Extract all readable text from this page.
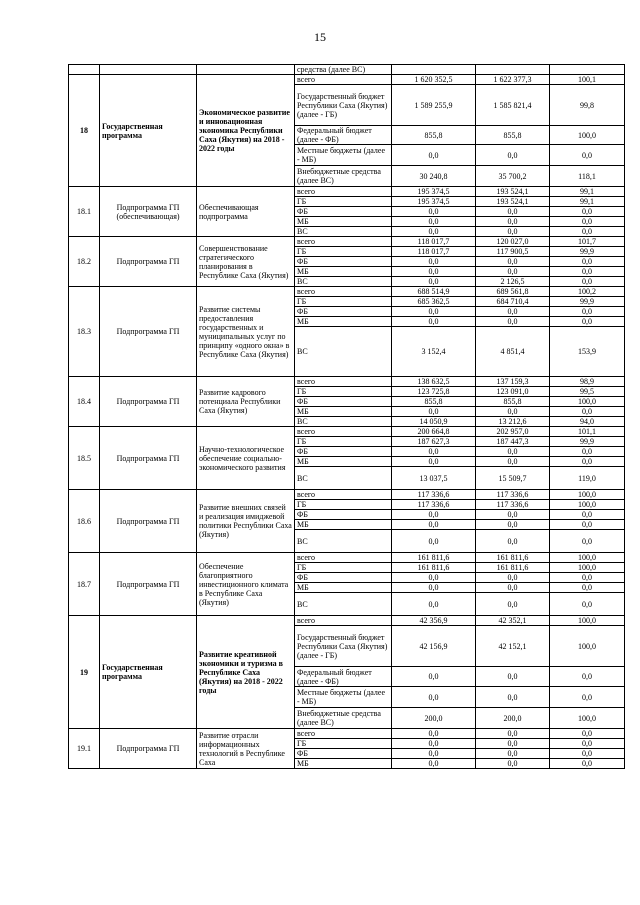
15
			средства (далее ВС)			
18	Государственная программа	Экономическое развитие и инновационная экономика Республики Саха (Якутия) на 2018 - 2022 годы	всего	1 620 352,5	1 622 377,3	100,1
			Государственный бюджет Республики Саха (Якутия) (далее - ГБ)	1 589 255,9	1 585 821,4	99,8
			Федеральный бюджет (далее - ФБ)	855,8	855,8	100,0
			Местные бюджеты (далее - МБ)	0,0	0,0	0,0
			Внебюджетные средства (далее ВС)	30 240,8	35 700,2	118,1
18.1	Подпрограмма ГП (обеспечивающая)	Обеспечивающая подпрограмма	всего	195 374,5	193 524,1	99,1
			ГБ	195 374,5	193 524,1	99,1
			ФБ	0,0	0,0	0,0
			МБ	0,0	0,0	0,0
			ВС	0,0	0,0	0,0
18.2	Подпрограмма ГП	Совершенствование стратегического планирования в Республике Саха (Якутия)	всего	118 017,7	120 027,0	101,7
			ГБ	118 017,7	117 900,5	99,9
			ФБ	0,0	0,0	0,0
			МБ	0,0	0,0	0,0
			ВС	0,0	2 126,5	0,0
18.3	Подпрограмма ГП	Развитие системы предоставления государственных и муниципальных услуг по принципу «одного окна» в Республике Саха (Якутия)	всего	688 514,9	689 561,8	100,2
			ГБ	685 362,5	684 710,4	99,9
			ФБ	0,0	0,0	0,0
			МБ	0,0	0,0	0,0
			ВС	3 152,4	4 851,4	153,9
18.4	Подпрограмма ГП	Развитие кадрового потенциала Республики Саха (Якутия)	всего	138 632,5	137 159,3	98,9
			ГБ	123 725,8	123 091,0	99,5
			ФБ	855,8	855,8	100,0
			МБ	0,0	0,0	0,0
			ВС	14 050,9	13 212,6	94,0
18.5	Подпрограмма ГП	Научно-технологическое обеспечение социально-экономического развития	всего	200 664,8	202 957,0	101,1
			ГБ	187 627,3	187 447,3	99,9
			ФБ	0,0	0,0	0,0
			МБ	0,0	0,0	0,0
			ВС	13 037,5	15 509,7	119,0
18.6	Подпрограмма ГП	Развитие внешних связей и реализация имиджевой политики Республики Саха (Якутия)	всего	117 336,6	117 336,6	100,0
			ГБ	117 336,6	117 336,6	100,0
			ФБ	0,0	0,0	0,0
			МБ	0,0	0,0	0,0
			ВС	0,0	0,0	0,0
18.7	Подпрограмма ГП	Обеспечение благоприятного инвестиционного климата в Республике Саха (Якутия)	всего	161 811,6	161 811,6	100,0
			ГБ	161 811,6	161 811,6	100,0
			ФБ	0,0	0,0	0,0
			МБ	0,0	0,0	0,0
			ВС	0,0	0,0	0,0
19	Государственная программа	Развитие креативной экономики и туризма в Республике Саха (Якутия) на 2018 - 2022 годы	всего	42 356,9	42 352,1	100,0
			Государственный бюджет Республики Саха (Якутия) (далее - ГБ)	42 156,9	42 152,1	100,0
			Федеральный бюджет (далее - ФБ)	0,0	0,0	0,0
			Местные бюджеты (далее - МБ)	0,0	0,0	0,0
			Внебюджетные средства (далее ВС)	200,0	200,0	100,0
19.1	Подпрограмма ГП	Развитие отрасли информационных технологий в Республике Саха	всего	0,0	0,0	0,0
			ГБ	0,0	0,0	0,0
			ФБ	0,0	0,0	0,0
			МБ	0,0	0,0	0,0
